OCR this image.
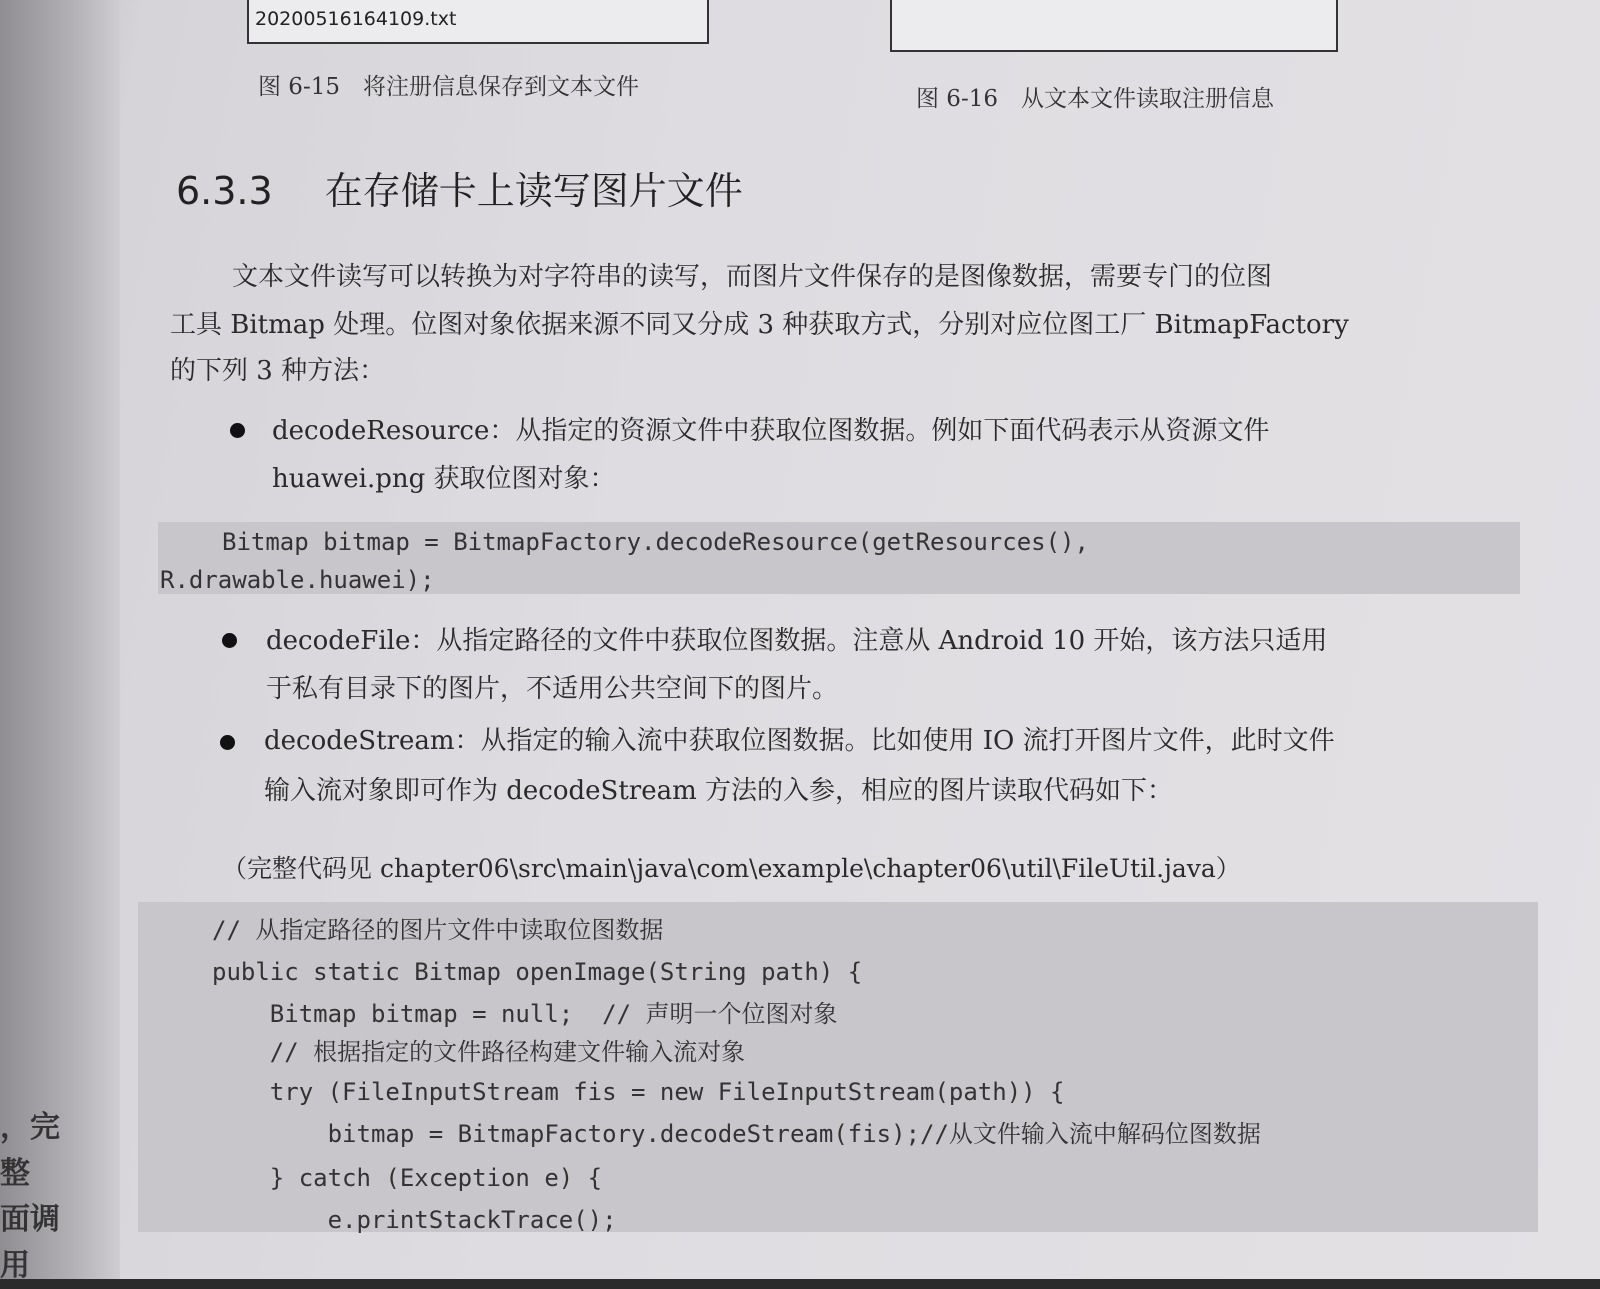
，完整
面调用
20200516164109.txt
图 6-15　将注册信息保存到文本文件	图 6-16　从文本文件读取注册信息
6.3.3 在存储卡上读写图片文件
文本文件读写可以转换为对字符串的读写，而图片文件保存的是图像数据，需要专门的位图
工具 Bitmap 处理。位图对象依据来源不同又分成 3 种获取方式，分别对应位图工厂 BitmapFactory
的下列 3 种方法：
decodeResource：从指定的资源文件中获取位图数据。例如下面代码表示从资源文件
huawei.png 获取位图对象：
Bitmap bitmap = BitmapFactory.decodeResource(getResources(),
R.drawable.huawei);
decodeFile：从指定路径的文件中获取位图数据。注意从 Android 10 开始，该方法只适用
于私有目录下的图片，不适用公共空间下的图片。
decodeStream：从指定的输入流中获取位图数据。比如使用 IO 流打开图片文件，此时文件
输入流对象即可作为 decodeStream 方法的入参，相应的图片读取代码如下：
（完整代码见 chapter06\src\main\java\com\example\chapter06\util\FileUtil.java）
// 从指定路径的图片文件中读取位图数据
public static Bitmap openImage(String path) {
Bitmap bitmap = null;  // 声明一个位图对象
// 根据指定的文件路径构建文件输入流对象
try (FileInputStream fis = new FileInputStream(path)) {
bitmap = BitmapFactory.decodeStream(fis);//从文件输入流中解码位图数据
} catch (Exception e) {
e.printStackTrace();
